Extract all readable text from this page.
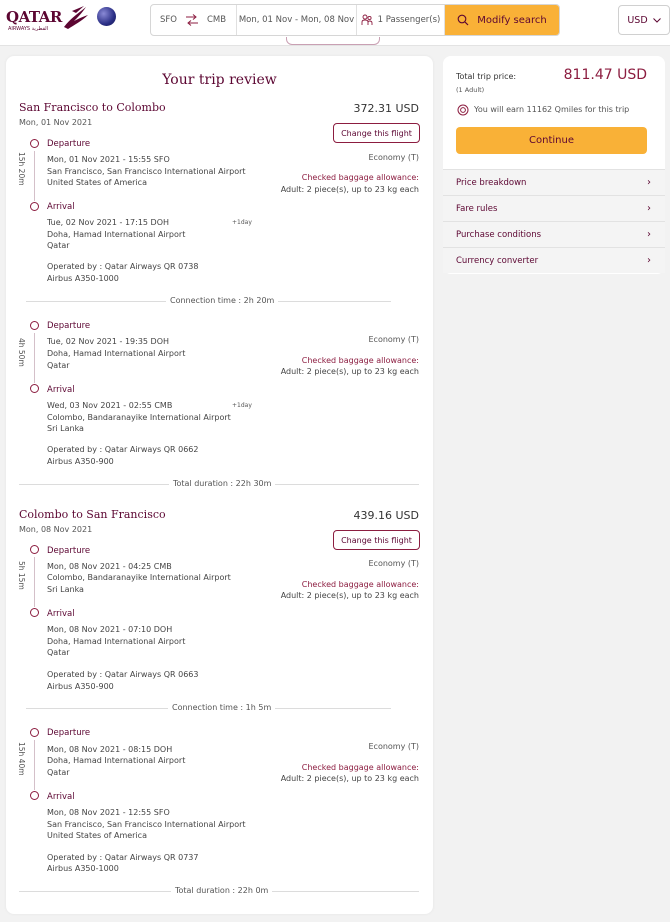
QATAR
AIRWAYS القطرية
SFO	CMB Mon, 01 Nov - Mon, 08 Nov	1 Passenger(s)	Modify search	USD
Your trip review
San Francisco to Colombo
Mon, 01 Nov 2021
372.31 USD
Change this flight
15h 20m
Departure
Mon, 01 Nov 2021 - 15:55 SFO
San Francisco, San Francisco International Airport
United States of America
Economy (T)
Checked baggage allowance:
Adult: 2 piece(s), up to 23 kg each
Arrival
Tue, 02 Nov 2021 - 17:15 DOH	+1day
Doha, Hamad International Airport
Qatar
Operated by : Qatar Airways QR 0738
Airbus A350-1000
Connection time : 2h 20m
4h 50m
Departure
Tue, 02 Nov 2021 - 19:35 DOH
Doha, Hamad International Airport
Qatar
Economy (T)
Checked baggage allowance:
Adult: 2 piece(s), up to 23 kg each
Arrival
Wed, 03 Nov 2021 - 02:55 CMB	+1day
Colombo, Bandaranayike International Airport
Sri Lanka
Operated by : Qatar Airways QR 0662
Airbus A350-900
Total duration : 22h 30m
Colombo to San Francisco
Mon, 08 Nov 2021
439.16 USD
Change this flight
5h 15m
Departure
Mon, 08 Nov 2021 - 04:25 CMB
Colombo, Bandaranayike International Airport
Sri Lanka
Economy (T)
Checked baggage allowance:
Adult: 2 piece(s), up to 23 kg each
Arrival
Mon, 08 Nov 2021 - 07:10 DOH
Doha, Hamad International Airport
Qatar
Operated by : Qatar Airways QR 0663
Airbus A350-900
Connection time : 1h 5m
15h 40m
Departure
Mon, 08 Nov 2021 - 08:15 DOH
Doha, Hamad International Airport
Qatar
Economy (T)
Checked baggage allowance:
Adult: 2 piece(s), up to 23 kg each
Arrival
Mon, 08 Nov 2021 - 12:55 SFO
San Francisco, San Francisco International Airport
United States of America
Operated by : Qatar Airways QR 0737
Airbus A350-1000
Total duration : 22h 0m
Total trip price:
(1 Adult)
811.47 USD
You will earn 11162 Qmiles for this trip
Continue
Price breakdown	›
Fare rules	›
Purchase conditions	›
Currency converter	›
